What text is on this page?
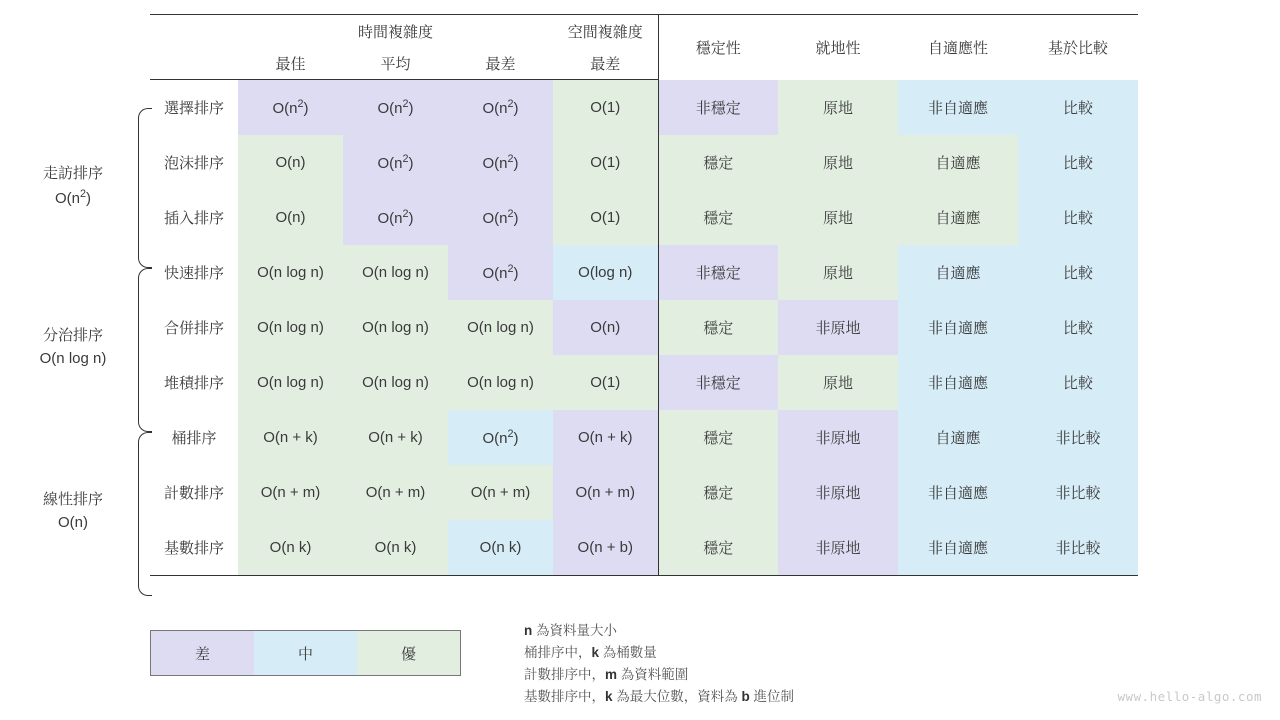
走訪排序
$O(n^2)$
分治排序
O(n log n)
線性排序
O(n)
	時間複雜度			空間複雜度	穩定性	就地性	自適應性	基於比較
	最佳	平均	最差	最差				
選擇排序	$O(n^2)$	$O(n^2)$	$O(n^2)$	O(1)	非穩定	原地	非自適應	比較
泡沫排序	O(n)	$O(n^2)$	$O(n^2)$	O(1)	穩定	原地	自適應	比較
插入排序	O(n)	$O(n^2)$	$O(n^2)$	O(1)	穩定	原地	自適應	比較
快速排序	O(n log n)	O(n log n)	$O(n^2)$	O(log n)	非穩定	原地	自適應	比較
合併排序	O(n log n)	O(n log n)	O(n log n)	O(n)	穩定	非原地	非自適應	比較
堆積排序	O(n log n)	O(n log n)	O(n log n)	O(1)	非穩定	原地	非自適應	比較
桶排序	O(n + k)	O(n + k)	$O(n^2)$	O(n + k)	穩定	非原地	自適應	非比較
計數排序	O(n + m)	O(n + m)	O(n + m)	O(n + m)	穩定	非原地	非自適應	非比較
基數排序	O(n k)	O(n k)	O(n k)	O(n + b)	穩定	非原地	非自適應	非比較
差	中	優
n 為資料量大小
桶排序中，k 為桶數量
計數排序中，m 為資料範圍
基數排序中，k 為最大位數，資料為 b 進位制	www.hello-algo.com
